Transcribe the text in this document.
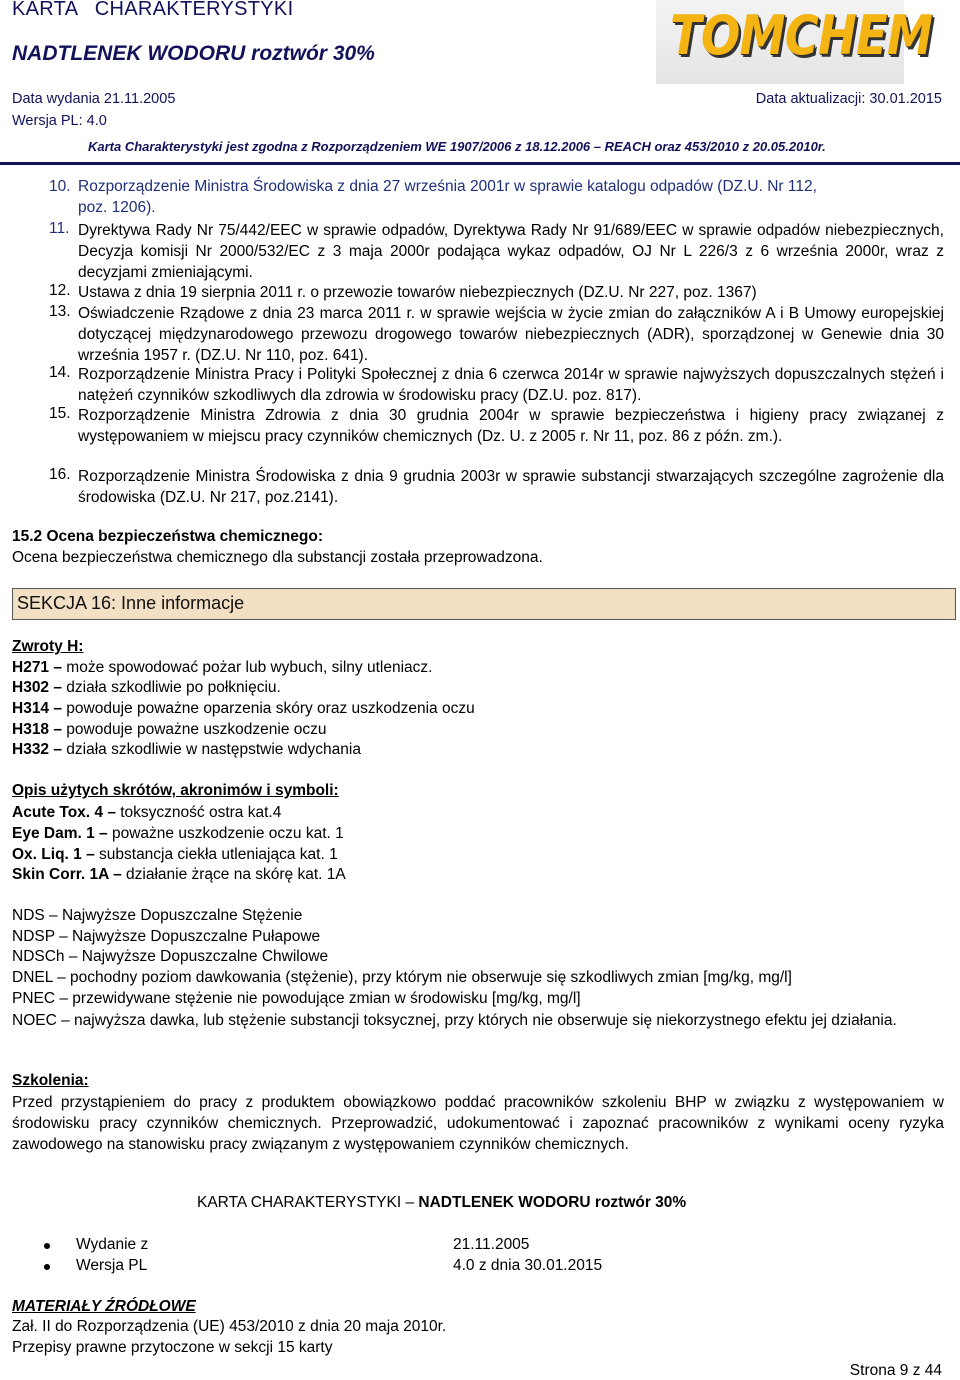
KARTA   CHARAKTERYSTYKI	TOMCHEM
NADTLENEK WODORU roztwór 30%
Data wydania 21.11.2005	Data aktualizacji: 30.01.2015
Wersja PL: 4.0
Karta Charakterystyki jest zgodna z Rozporządzeniem WE 1907/2006 z 18.12.2006 – REACH oraz 453/2010 z 20.05.2010r.
10. Rozporządzenie Ministra Środowiska z dnia 27 września 2001r w sprawie katalogu odpadów (DZ.U. Nr 112,
poz. 1206).
11. Dyrektywa Rady Nr 75/442/EEC w sprawie odpadów, Dyrektywa Rady Nr 91/689/EEC w sprawie odpadów niebezpiecznych, Decyzja komisji Nr 2000/532/EC z 3 maja 2000r podająca wykaz odpadów, OJ Nr L 226/3 z 6 września 2000r, wraz z decyzjami zmieniającymi.
12. Ustawa z dnia 19 sierpnia 2011 r. o przewozie towarów niebezpiecznych (DZ.U. Nr 227, poz. 1367)
13. Oświadczenie Rządowe z dnia 23 marca 2011 r. w sprawie wejścia w życie zmian do załączników A i B Umowy europejskiej dotyczącej międzynarodowego przewozu drogowego towarów niebezpiecznych (ADR), sporządzonej w Genewie dnia 30 września 1957 r. (DZ.U. Nr 110, poz. 641).
14. Rozporządzenie Ministra Pracy i Polityki Społecznej z dnia 6 czerwca 2014r w sprawie najwyższych dopuszczalnych stężeń i natężeń czynników szkodliwych dla zdrowia w środowisku pracy (DZ.U. poz. 817).
15. Rozporządzenie Ministra Zdrowia z dnia 30 grudnia 2004r w sprawie bezpieczeństwa i higieny pracy związanej z występowaniem w miejscu pracy czynników chemicznych (Dz. U. z 2005 r. Nr 11, poz. 86 z późn. zm.).
16. Rozporządzenie Ministra Środowiska z dnia 9 grudnia 2003r w sprawie substancji stwarzających szczególne zagrożenie dla środowiska (DZ.U. Nr 217, poz.2141).
15.2 Ocena bezpieczeństwa chemicznego:
Ocena bezpieczeństwa chemicznego dla substancji została przeprowadzona.
SEKCJA 16: Inne informacje
Zwroty H:
H271 – może spowodować pożar lub wybuch, silny utleniacz.
H302 – działa szkodliwie po połknięciu.
H314 – powoduje poważne oparzenia skóry oraz uszkodzenia oczu
H318 – powoduje poważne uszkodzenie oczu
H332 – działa szkodliwie w następstwie wdychania
Opis użytych skrótów, akronimów i symboli:
Acute Tox. 4 – toksyczność ostra kat.4
Eye Dam. 1 – poważne uszkodzenie oczu kat. 1
Ox. Liq. 1 – substancja ciekła utleniająca kat. 1
Skin Corr. 1A – działanie żrące na skórę kat. 1A
NDS – Najwyższe Dopuszczalne Stężenie
NDSP – Najwyższe Dopuszczalne Pułapowe
NDSCh – Najwyższe Dopuszczalne Chwilowe
DNEL – pochodny poziom dawkowania (stężenie), przy którym nie obserwuje się szkodliwych zmian [mg/kg, mg/l]
PNEC – przewidywane stężenie nie powodujące zmian w środowisku [mg/kg, mg/l]
NOEC – najwyższa dawka, lub stężenie substancji toksycznej, przy których nie obserwuje się niekorzystnego efektu jej działania.
Szkolenia:
Przed przystąpieniem do pracy z produktem obowiązkowo poddać pracowników szkoleniu BHP w związku z występowaniem w środowisku pracy czynników chemicznych. Przeprowadzić, udokumentować i zapoznać pracowników z wynikami oceny ryzyka zawodowego na stanowisku pracy związanym z występowaniem czynników chemicznych.
KARTA CHARAKTERYSTYKI – NADTLENEK WODORU roztwór 30%
Wydanie z	21.11.2005
Wersja PL	4.0 z dnia 30.01.2015
MATERIAŁY ŹRÓDŁOWE
Zał. II do Rozporządzenia (UE) 453/2010 z dnia 20 maja 2010r.
Przepisy prawne przytoczone w sekcji 15 karty
Strona 9 z 44
